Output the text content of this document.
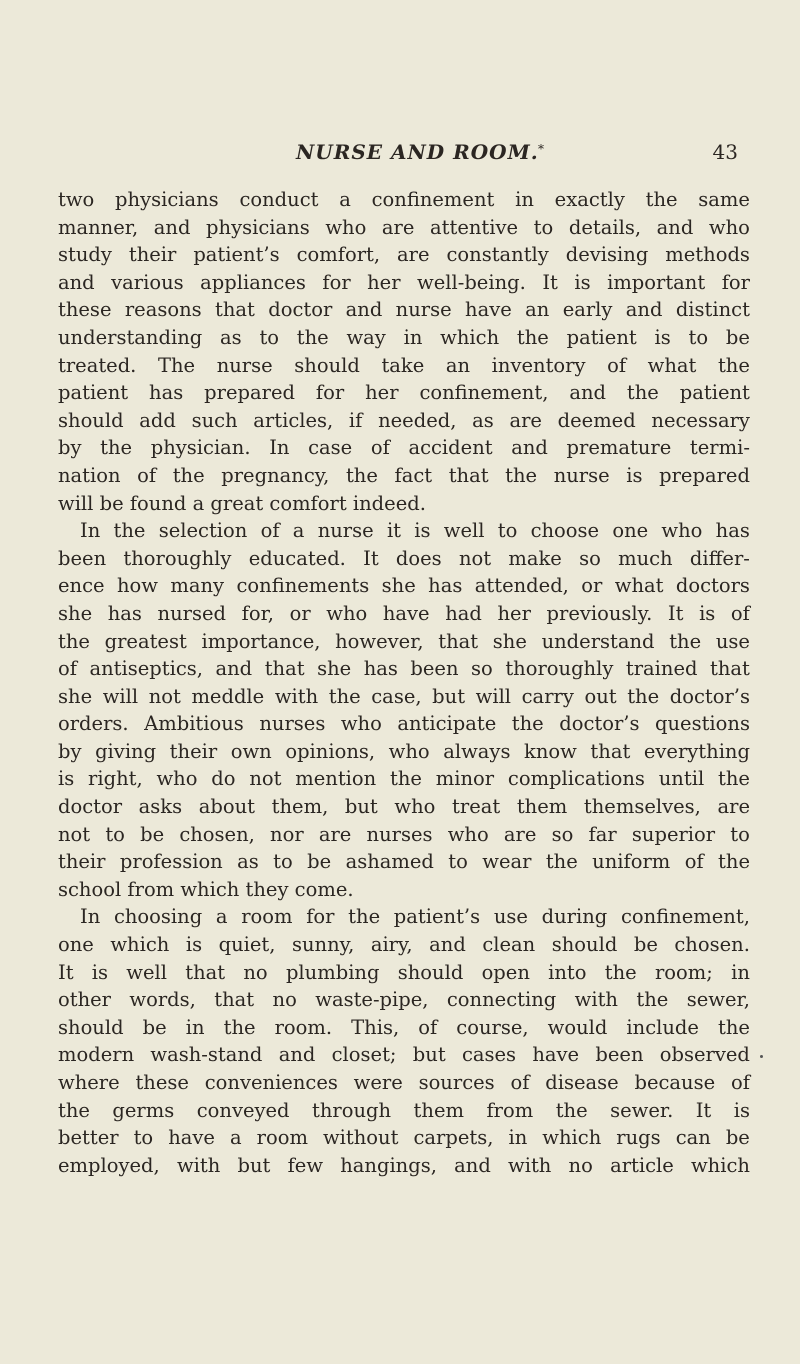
NURSE AND ROOM. *	43
two physicians conduct a confinement in exactly the same
manner, and physicians who are attentive to details, and who
study their patient’s comfort, are constantly devising methods
and various appliances for her well-being. It is important for
these reasons that doctor and nurse have an early and distinct
understanding as to the way in which the patient is to be
treated. The nurse should take an inventory of what the
patient has prepared for her confinement, and the patient
should add such articles, if needed, as are deemed necessary
by the physician. In case of accident and premature termi-
nation of the pregnancy, the fact that the nurse is prepared
will be found a great comfort indeed.
In the selection of a nurse it is well to choose one who has
been thoroughly educated. It does not make so much differ-
ence how many confinements she has attended, or what doctors
she has nursed for, or who have had her previously. It is of
the greatest importance, however, that she understand the use
of antiseptics, and that she has been so thoroughly trained that
she will not meddle with the case, but will carry out the doctor’s
orders. Ambitious nurses who anticipate the doctor’s questions
by giving their own opinions, who always know that everything
is right, who do not mention the minor complications until the
doctor asks about them, but who treat them themselves, are
not to be chosen, nor are nurses who are so far superior to
their profession as to be ashamed to wear the uniform of the
school from which they come.
In choosing a room for the patient’s use during confinement,
one which is quiet, sunny, airy, and clean should be chosen.
It is well that no plumbing should open into the room; in
other words, that no waste-pipe, connecting with the sewer,
should be in the room. This, of course, would include the
modern wash-stand and closet; but cases have been observed
where these conveniences were sources of disease because of
the germs conveyed through them from the sewer. It is
better to have a room without carpets, in which rugs can be
employed, with but few hangings, and with no article which
